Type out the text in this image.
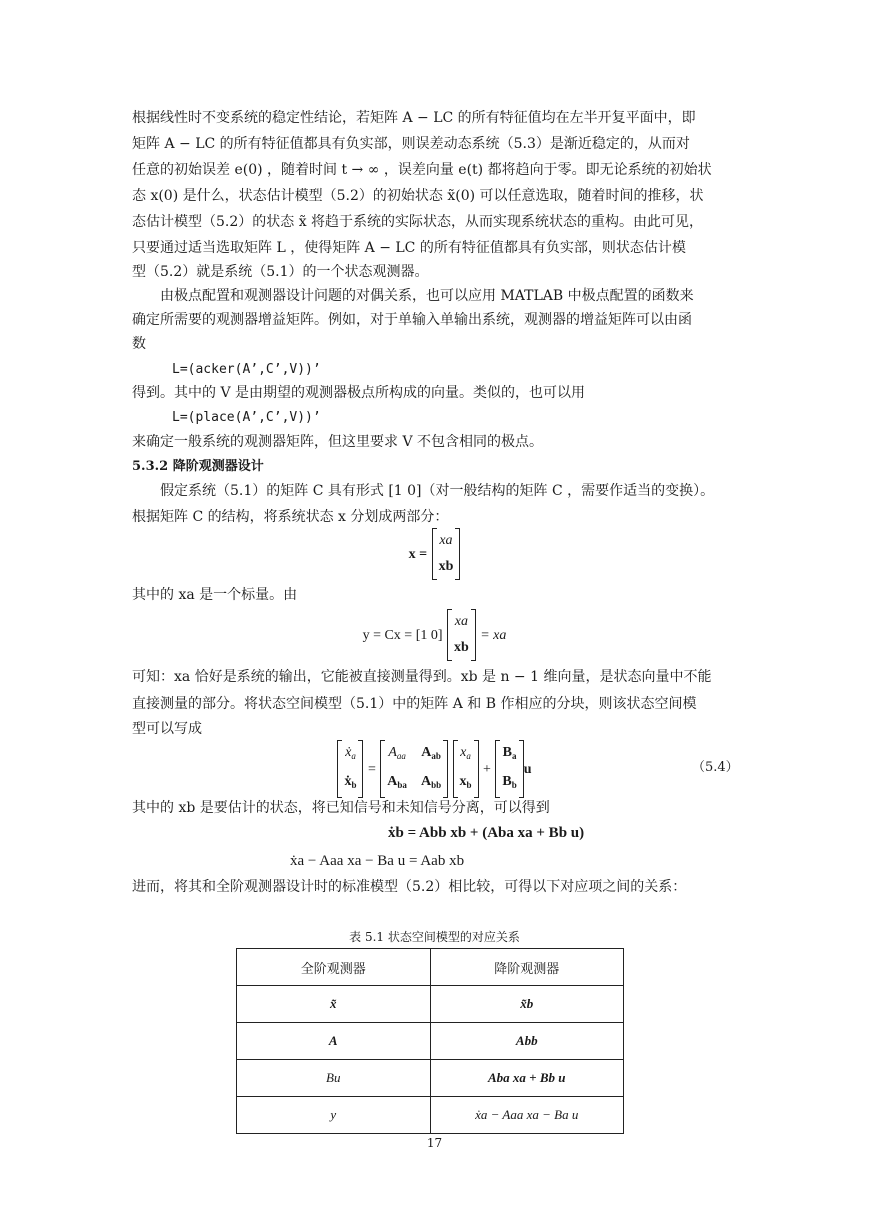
根据线性时不变系统的稳定性结论，若矩阵 A − LC 的所有特征值均在左半开复平面中，即
矩阵 A − LC 的所有特征值都具有负实部，则误差动态系统（5.3）是渐近稳定的，从而对
任意的初始误差 e(0) ，随着时间 t → ∞ ，误差向量 e(t) 都将趋向于零。即无论系统的初始状
态 x(0) 是什么，状态估计模型（5.2）的初始状态 x̃(0) 可以任意选取，随着时间的推移，状
态估计模型（5.2）的状态 x̃ 将趋于系统的实际状态，从而实现系统状态的重构。由此可见，
只要通过适当选取矩阵 L ，使得矩阵 A − LC 的所有特征值都具有负实部，则状态估计模
型（5.2）就是系统（5.1）的一个状态观测器。
由极点配置和观测器设计问题的对偶关系，也可以应用 MATLAB 中极点配置的函数来
确定所需要的观测器增益矩阵。例如，对于单输入单输出系统，观测器的增益矩阵可以由函
数
L=(acker(A’,C’,V))’
得到。其中的 V 是由期望的观测器极点所构成的向量。类似的，也可以用
L=(place(A’,C’,V))’
来确定一般系统的观测器矩阵，但这里要求 V 不包含相同的极点。
5.3.2 降阶观测器设计
假定系统（5.1）的矩阵 C 具有形式 [1 0]（对一般结构的矩阵 C ，需要作适当的变换）。
根据矩阵 C 的结构，将系统状态 x 分划成两部分：
x =
xa
xb
其中的 xa 是一个标量。由
y = Cx = [1 0]
xa
xb
= xa
可知：xa 恰好是系统的输出，它能被直接测量得到。xb 是 n − 1 维向量，是状态向量中不能
直接测量的部分。将状态空间模型（5.1）中的矩阵 A 和 B 作相应的分块，则该状态空间模
型可以写成
ẋ$_a$
ẋ$_b$
=
$A_{aa}$
$A_{ba}$
$A_{ab}$
$A_{bb}$

$x_a$
$x_b$
+
$B_a$
$B_b$
u	（5.4）
其中的 xb 是要估计的状态，将已知信号和未知信号分离，可以得到
ẋb = Abb xb + (Aba xa + Bb u)
ẋa − Aaa xa − Ba u = Aab xb
进而，将其和全阶观测器设计时的标准模型（5.2）相比较，可得以下对应项之间的关系：
表 5.1 状态空间模型的对应关系
全阶观测器	降阶观测器
x̃	x̃b
A	Abb
Bu	Aba xa + Bb u
y	ẋa − Aaa xa − Ba u
17
